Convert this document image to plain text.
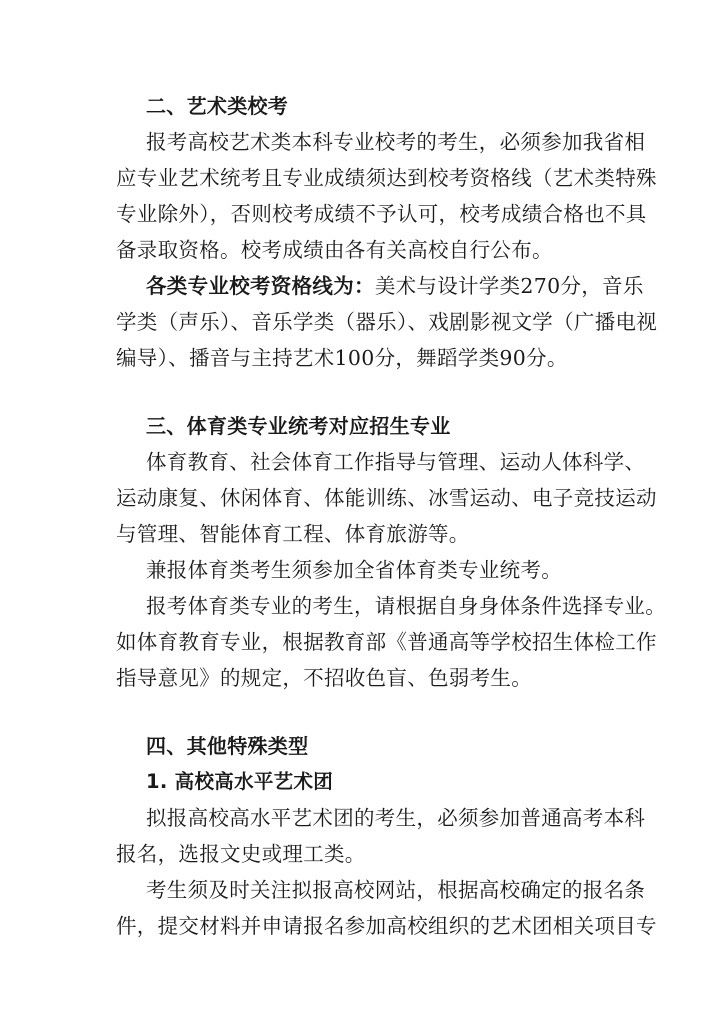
二、艺术类校考
报考高校艺术类本科专业校考的考生，必须参加我省相
应专业艺术统考且专业成绩须达到校考资格线（艺术类特殊
专业除外），否则校考成绩不予认可，校考成绩合格也不具
备录取资格。校考成绩由各有关高校自行公布。
各类专业校考资格线为：美术与设计学类270分，音乐
学类（声乐）、音乐学类（器乐）、戏剧影视文学（广播电视
编导）、播音与主持艺术100分，舞蹈学类90分。
三、体育类专业统考对应招生专业
体育教育、社会体育工作指导与管理、运动人体科学、
运动康复、休闲体育、体能训练、冰雪运动、电子竞技运动
与管理、智能体育工程、体育旅游等。
兼报体育类考生须参加全省体育类专业统考。
报考体育类专业的考生，请根据自身身体条件选择专业。
如体育教育专业，根据教育部《普通高等学校招生体检工作
指导意见》的规定，不招收色盲、色弱考生。
四、其他特殊类型
1. 高校高水平艺术团
拟报高校高水平艺术团的考生，必须参加普通高考本科
报名，选报文史或理工类。
考生须及时关注拟报高校网站，根据高校确定的报名条
件，提交材料并申请报名参加高校组织的艺术团相关项目专
